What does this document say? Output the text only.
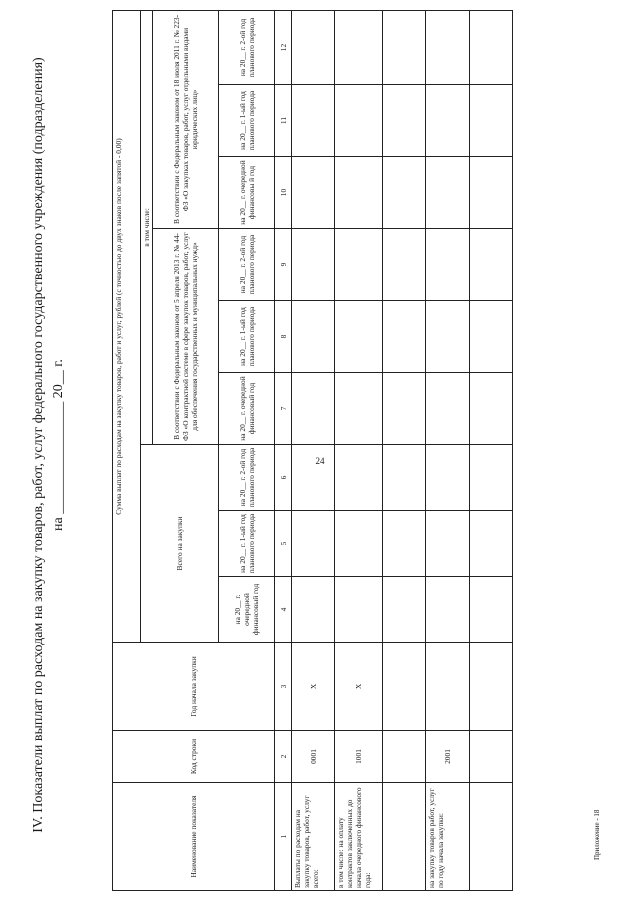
24
Приложение - 18
IV. Показатели выплат по расходам на закупку товаров, работ, услуг федерального государственного учреждения (подразделения) на ________________ 20__ г.
Наименование показателя	Код строки	Год начала закупки	Сумма выплат по расходам на закупку товаров, работ и услуг, рублей (с точностью до двух знаков после запятой - 0,00)								
			Всего на закупки			в том числе:					
						В соответствии с Федеральным законом от 5 апреля 2013 г. № 44-ФЗ «О контрактной системе в сфере закупок товаров, работ, услуг для обеспечения государственных и муниципальных нужд»			В соответствии с Федеральным законом от 18 июля 2011 г. № 223-ФЗ «О закупках товаров, работ, услуг отдельными видами юридических лиц»		
			на 20__ г. очередной финансовый год	на 20__ г. 1-ый год планового периода	на 20__ г. 2-ой год планового периода	на 20__ г. очередной финансовый год	на 20__ г. 1-ый год планового периода	на 20__ г. 2-ой год планового периода	на 20__ г. очередной финансовы й год	на 20__ г. 1-ый год планового периода	на 20__ г. 2-ой год планового периода
1	2	3	4	5	6	7	8	9	10	11	12
Выплаты по расходам на закупку товаров, работ, услуг всего:	0001	X									
в том числе: на оплату контрактов заключенных до начала очередного финансового года:	1001	X									

на закупку товаров работ, услуг по году начала закупки:	2001										
